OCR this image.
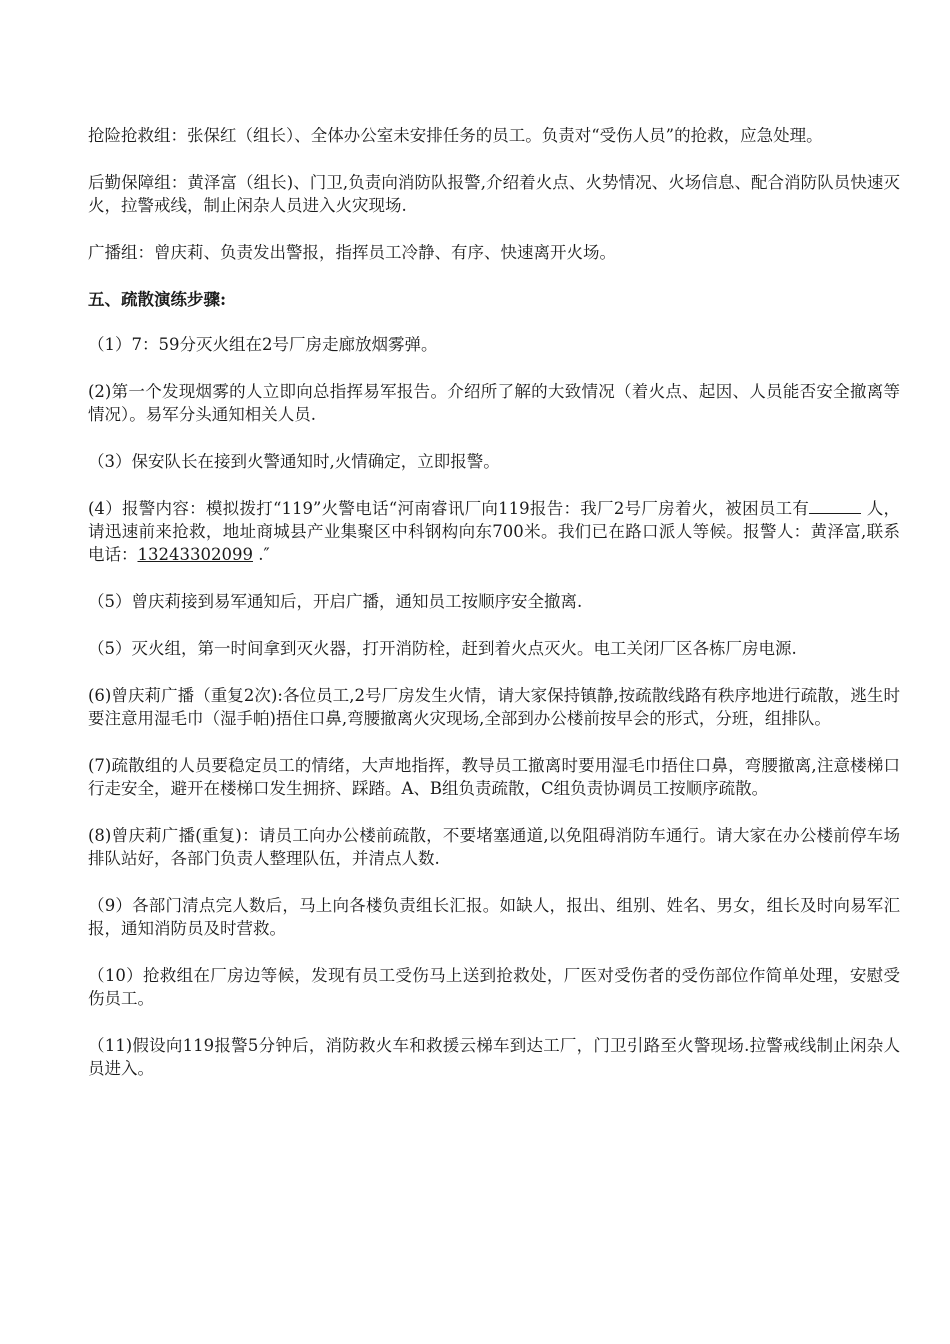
抢险抢救组：张保红（组长）、全体办公室未安排任务的员工。负责对“受伤人员”的抢救，应急处理。

后勤保障组：黄泽富（组长)、门卫,负责向消防队报警,介绍着火点、火势情况、火场信息、配合消防队员快速灭火，拉警戒线，制止闲杂人员进入火灾现场.

广播组：曾庆莉、负责发出警报，指挥员工冷静、有序、快速离开火场。

五、疏散演练步骤:

（1）7：59分灭火组在2号厂房走廊放烟雾弹。

(2)第一个发现烟雾的人立即向总指挥易军报告。介绍所了解的大致情况（着火点、起因、人员能否安全撤离等情况）。易军分头通知相关人员.

（3）保安队长在接到火警通知时,火情确定，立即报警。

(4）报警内容：模拟拨打“119”火警电话“河南睿讯厂向119报告：我厂2号厂房着火，被困员工有	人，请迅速前来抢救，地址商城县产业集聚区中科钢构向东700米。我们已在路口派人等候。报警人：黄泽富,联系电话：13243302099 .″

（5）曾庆莉接到易军通知后，开启广播，通知员工按顺序安全撤离.

（5）灭火组，第一时间拿到灭火器，打开消防栓，赶到着火点灭火。电工关闭厂区各栋厂房电源.

(6)曾庆莉广播（重复2次):各位员工,2号厂房发生火情，请大家保持镇静,按疏散线路有秩序地进行疏散，逃生时要注意用湿毛巾（湿手帕)捂住口鼻,弯腰撤离火灾现场,全部到办公楼前按早会的形式，分班，组排队。

(7)疏散组的人员要稳定员工的情绪，大声地指挥，教导员工撤离时要用湿毛巾捂住口鼻，弯腰撤离,注意楼梯口行走安全，避开在楼梯口发生拥挤、踩踏。A、B组负责疏散，C组负责协调员工按顺序疏散。

(8)曾庆莉广播(重复)：请员工向办公楼前疏散，不要堵塞通道,以免阻碍消防车通行。请大家在办公楼前停车场排队站好，各部门负责人整理队伍，并清点人数.

（9）各部门清点完人数后，马上向各楼负责组长汇报。如缺人，报出、组别、姓名、男女，组长及时向易军汇报，通知消防员及时营救。

（10）抢救组在厂房边等候，发现有员工受伤马上送到抢救处，厂医对受伤者的受伤部位作简单处理，安慰受伤员工。

（11)假设向119报警5分钟后，消防救火车和救援云梯车到达工厂，门卫引路至火警现场.拉警戒线制止闲杂人员进入。
